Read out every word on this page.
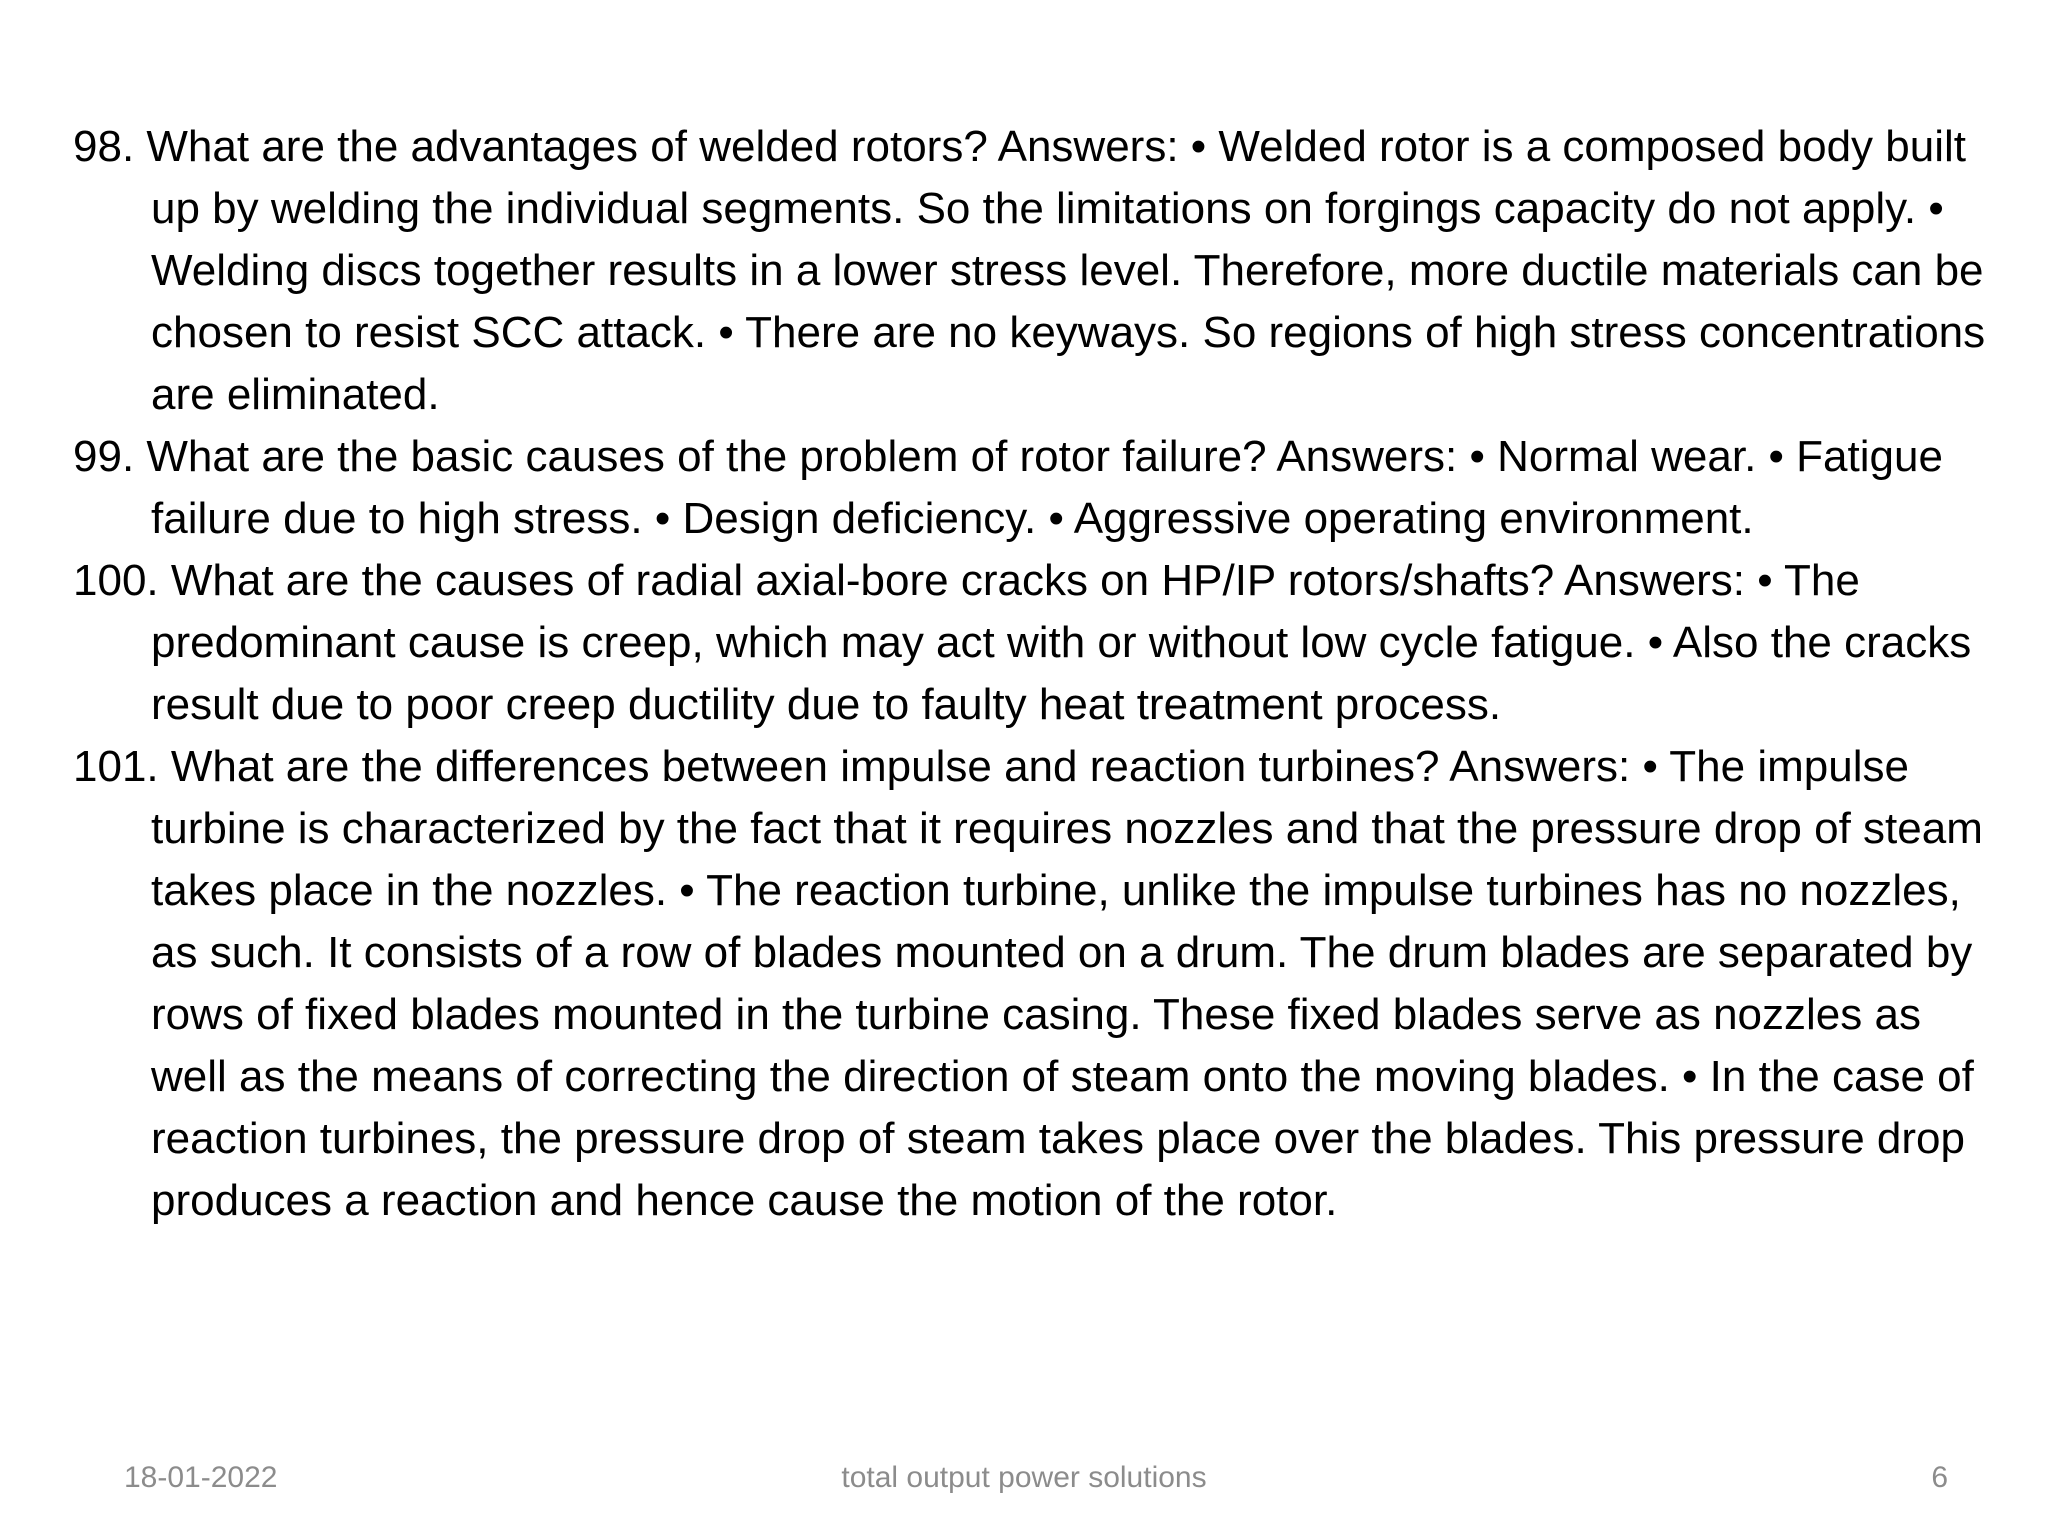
98. What are the advantages of welded rotors? Answers: • Welded rotor is a composed body built up by welding the individual segments. So the limitations on forgings capacity do not apply. • Welding discs together results in a lower stress level. Therefore, more ductile materials can be chosen to resist SCC attack. • There are no keyways. So regions of high stress concentrations are eliminated.
99. What are the basic causes of the problem of rotor failure? Answers: • Normal wear. • Fatigue failure due to high stress. • Design deficiency. • Aggressive operating environment.
100. What are the causes of radial axial-bore cracks on HP/IP rotors/shafts? Answers: • The predominant cause is creep, which may act with or without low cycle fatigue. • Also the cracks result due to poor creep ductility due to faulty heat treatment process.
101. What are the differences between impulse and reaction turbines? Answers: • The impulse turbine is characterized by the fact that it requires nozzles and that the pressure drop of steam takes place in the nozzles. • The reaction turbine, unlike the impulse turbines has no nozzles, as such. It consists of a row of blades mounted on a drum. The drum blades are separated by rows of fixed blades mounted in the turbine casing. These fixed blades serve as nozzles as well as the means of correcting the direction of steam onto the moving blades. • In the case of reaction turbines, the pressure drop of steam takes place over the blades. This pressure drop produces a reaction and hence cause the motion of the rotor.
18-01-2022	total output power solutions	6
